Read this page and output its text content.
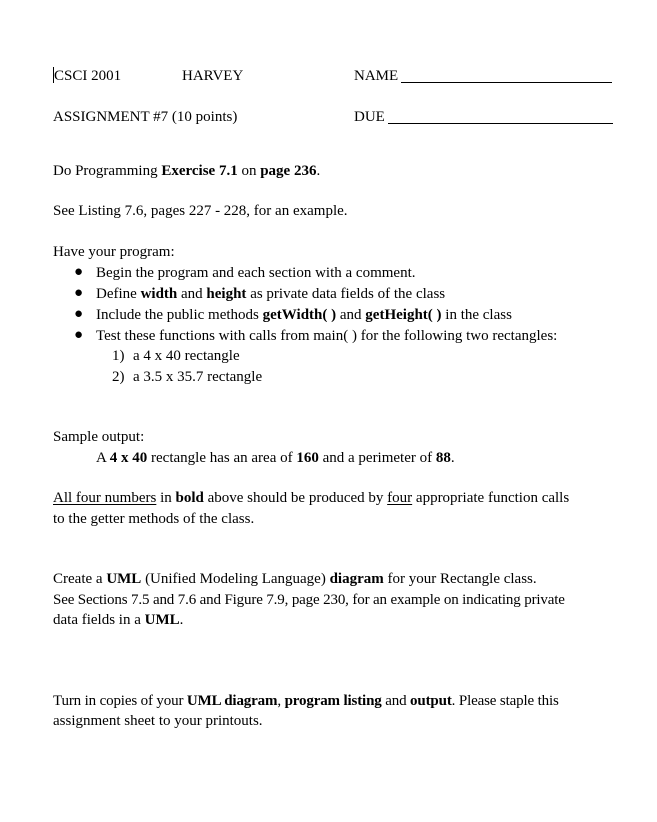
CSCI 2001	HARVEY	NAME
ASSIGNMENT #7 (10 points)	DUE
Do Programming Exercise 7.1 on page 236.
See Listing 7.6, pages 227 - 228, for an example.
Have your program:
● Begin the program and each section with a comment.
● Define width and height as private data fields of the class
● Include the public methods getWidth( ) and getHeight( ) in the class
● Test these functions with calls from main( ) for the following two rectangles:
1) a 4 x 40 rectangle
2) a 3.5 x 35.7 rectangle
Sample output:
A 4 x 40 rectangle has an area of 160 and a perimeter of 88.
All four numbers in bold above should be produced by four appropriate function calls
to the getter methods of the class.
Create a UML (Unified Modeling Language) diagram for your Rectangle class.
See Sections 7.5 and 7.6 and Figure 7.9, page 230, for an example on indicating private
data fields in a UML.
Turn in copies of your UML diagram, program listing and output. Please staple this
assignment sheet to your printouts.
